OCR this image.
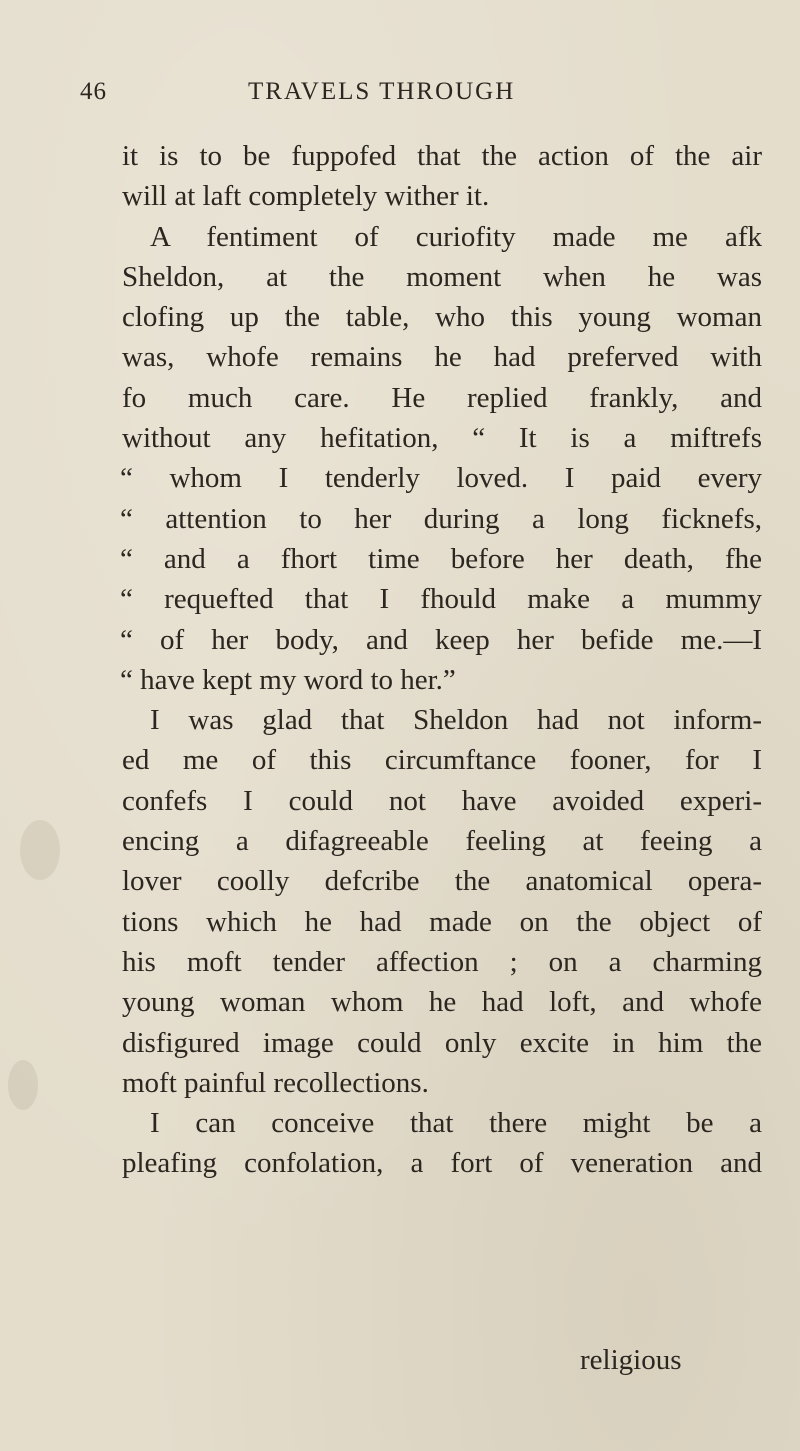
46	TRAVELS THROUGH
it is to be fuppofed that the action of the air
will at laft completely wither it.
A fentiment of curiofity made me afk
Sheldon, at the moment when he was
clofing up the table, who this young woman
was, whofe remains he had preferved with
fo much care. He replied frankly, and
without any hefitation, “ It is a miftrefs
“ whom I tenderly loved. I paid every
“ attention to her during a long ficknefs,
“ and a fhort time before her death, fhe
“ requefted that I fhould make a mummy
“ of her body, and keep her befide me.—I
“ have kept my word to her.”
I was glad that Sheldon had not inform-
ed me of this circumftance fooner, for I
confefs I could not have avoided experi-
encing a difagreeable feeling at feeing a
lover coolly defcribe the anatomical opera-
tions which he had made on the object of
his moft tender affection ; on a charming
young woman whom he had loft, and whofe
disfigured image could only excite in him the
moft painful recollections.
I can conceive that there might be a
pleafing confolation, a fort of veneration and
religious
